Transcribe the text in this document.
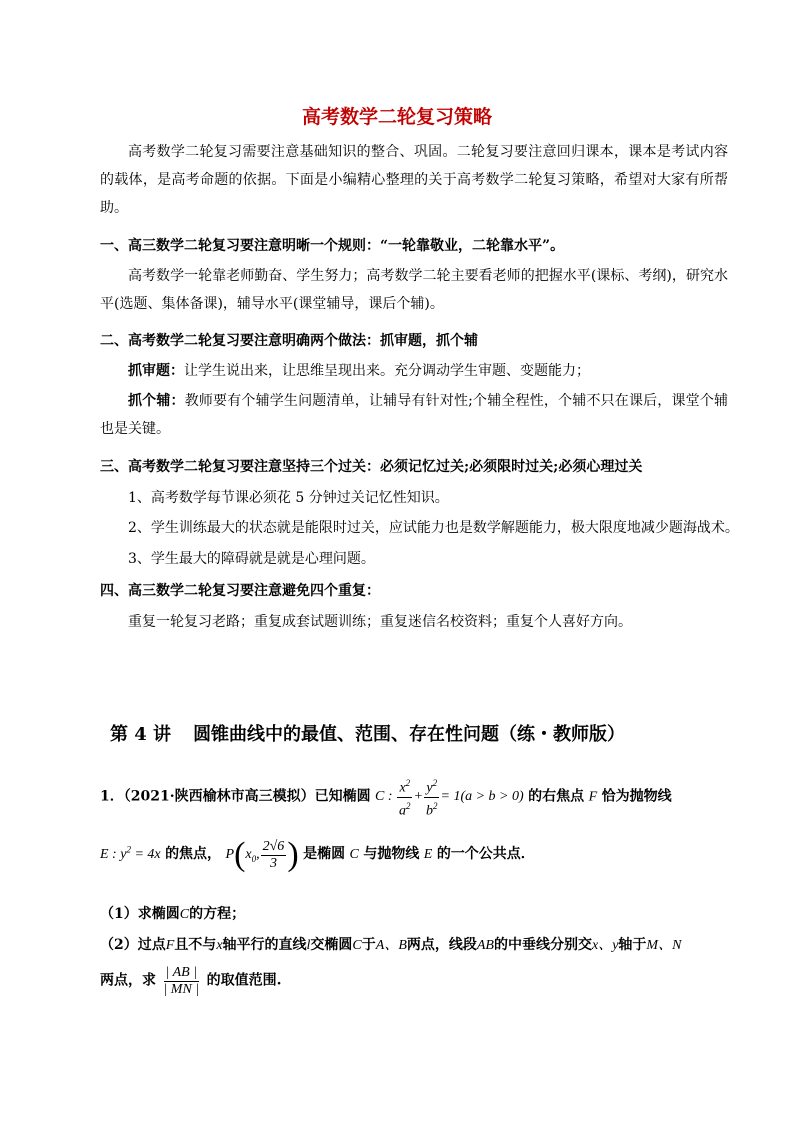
高考数学二轮复习策略
高考数学二轮复习需要注意基础知识的整合、巩固。二轮复习要注意回归课本，课本是考试内容的载体，是高考命题的依据。下面是小编精心整理的关于高考数学二轮复习策略，希望对大家有所帮助。
一、高三数学二轮复习要注意明晰一个规则：“一轮靠敬业，二轮靠水平”。
高考数学一轮靠老师勤奋、学生努力；高考数学二轮主要看老师的把握水平(课标、考纲)，研究水平(选题、集体备课)，辅导水平(课堂辅导，课后个辅)。
二、高考数学二轮复习要注意明确两个做法：抓审题，抓个辅
抓审题：让学生说出来，让思维呈现出来。充分调动学生审题、变题能力；
抓个辅：教师要有个辅学生问题清单，让辅导有针对性;个辅全程性，个辅不只在课后，课堂个辅也是关键。
三、高考数学二轮复习要注意坚持三个过关：必须记忆过关;必须限时过关;必须心理过关
1、高考数学每节课必须花 5 分钟过关记忆性知识。
2、学生训练最大的状态就是能限时过关，应试能力也是数学解题能力，极大限度地减少题海战术。
3、学生最大的障碍就是就是心理问题。
四、高三数学二轮复习要注意避免四个重复：
重复一轮复习老路；重复成套试题训练；重复迷信名校资料；重复个人喜好方向。
第 4 讲 圆锥曲线中的最值、范围、存在性问题（练・教师版）
1．（2021·陕西榆林市高三模拟）已知椭圆 C : $\frac{x^2}{a^2} + \frac{y^2}{b^2} = 1(a > b > 0)$ 的右焦点 F 恰为抛物线
E : $y^2 = 4x$ 的焦点， $P(x_0$, $\frac{2√6}{3}$ ) 是椭圆 C 与抛物线 E 的一个公共点．
（1）求椭圆C的方程；
（2）过点F且不与x轴平行的直线l交椭圆C于A、B两点，线段AB的中垂线分别交x、y轴于M、N
两点，求 $\frac{| AB |}{| MN |}$ 的取值范围.
